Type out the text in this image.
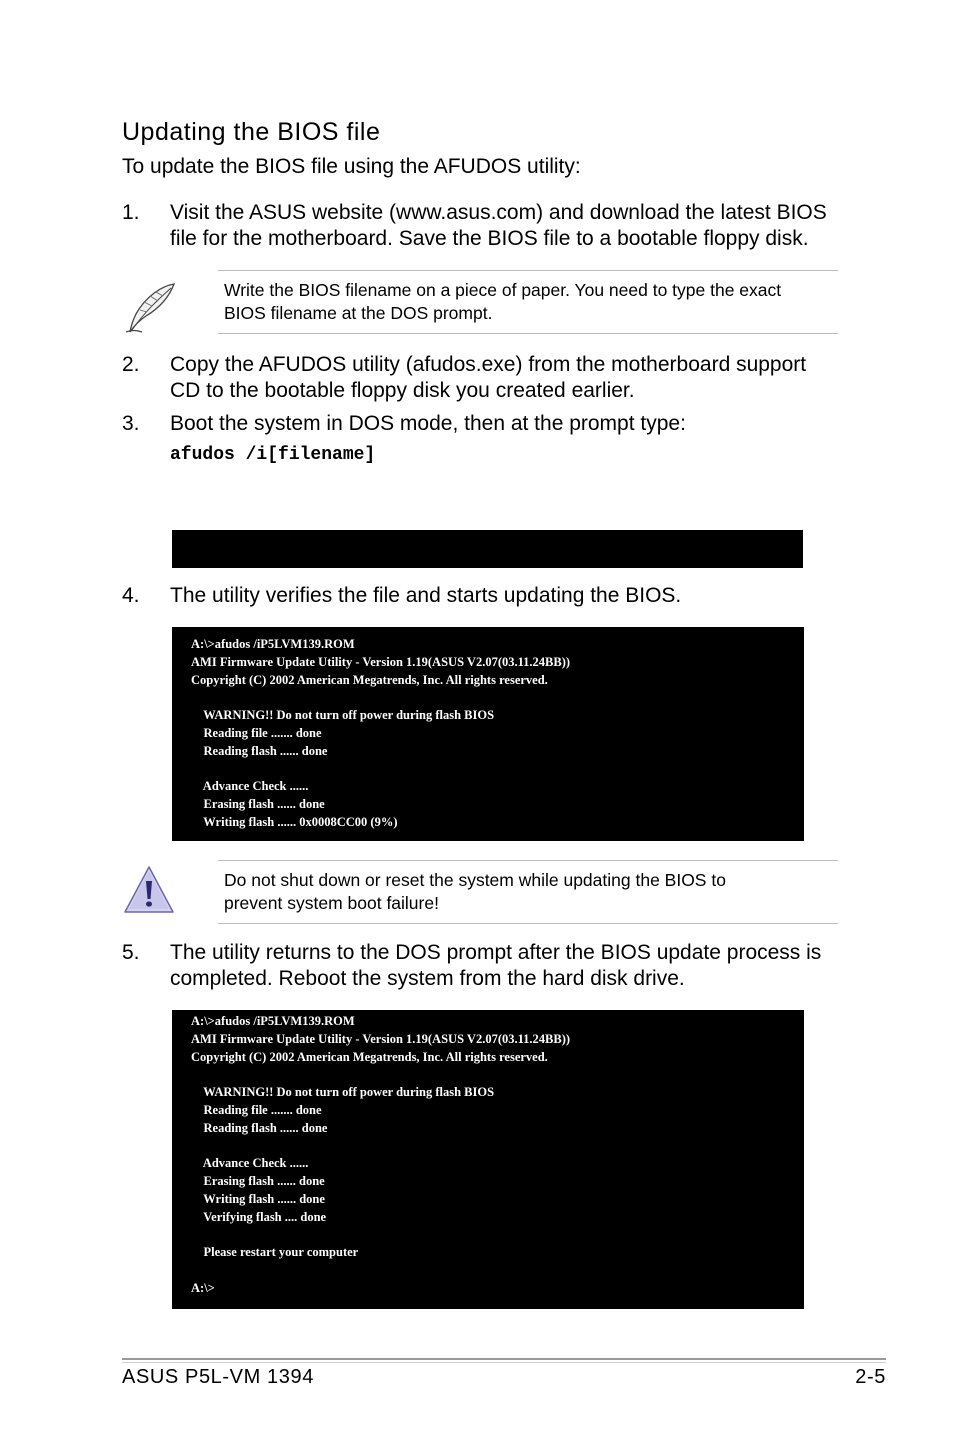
Updating the BIOS file
To update the BIOS file using the AFUDOS utility:
1. Visit the ASUS website (www.asus.com) and download the latest BIOS
file for the motherboard. Save the BIOS file to a bootable floppy disk.
Write the BIOS filename on a piece of paper. You need to type the exact
BIOS filename at the DOS prompt.
2. Copy the AFUDOS utility (afudos.exe) from the motherboard support
CD to the bootable floppy disk you created earlier.
3. Boot the system in DOS mode, then at the prompt type:
afudos /i[filename]

A:\>afudos /iP5LVM139.ROM

4. The utility verifies the file and starts updating the BIOS.
A:\>afudos /iP5LVM139.ROM
AMI Firmware Update Utility - Version 1.19(ASUS V2.07(03.11.24BB))
Copyright (C) 2002 American Megatrends, Inc. All rights reserved.
WARNING!! Do not turn off power during flash BIOS
Reading file ....... done
Reading flash ...... done
Advance Check ......
Erasing flash ...... done
Writing flash ...... 0x0008CC00 (9%)
Do not shut down or reset the system while updating the BIOS to
prevent system boot failure!
5. The utility returns to the DOS prompt after the BIOS update process is
completed. Reboot the system from the hard disk drive.
A:\>afudos /iP5LVM139.ROM
AMI Firmware Update Utility - Version 1.19(ASUS V2.07(03.11.24BB))
Copyright (C) 2002 American Megatrends, Inc. All rights reserved.
WARNING!! Do not turn off power during flash BIOS
Reading file ....... done
Reading flash ...... done
Advance Check ......
Erasing flash ...... done
Writing flash ...... done
Verifying flash .... done
Please restart your computer
A:\>
ASUS P5L-VM 1394	2-5
